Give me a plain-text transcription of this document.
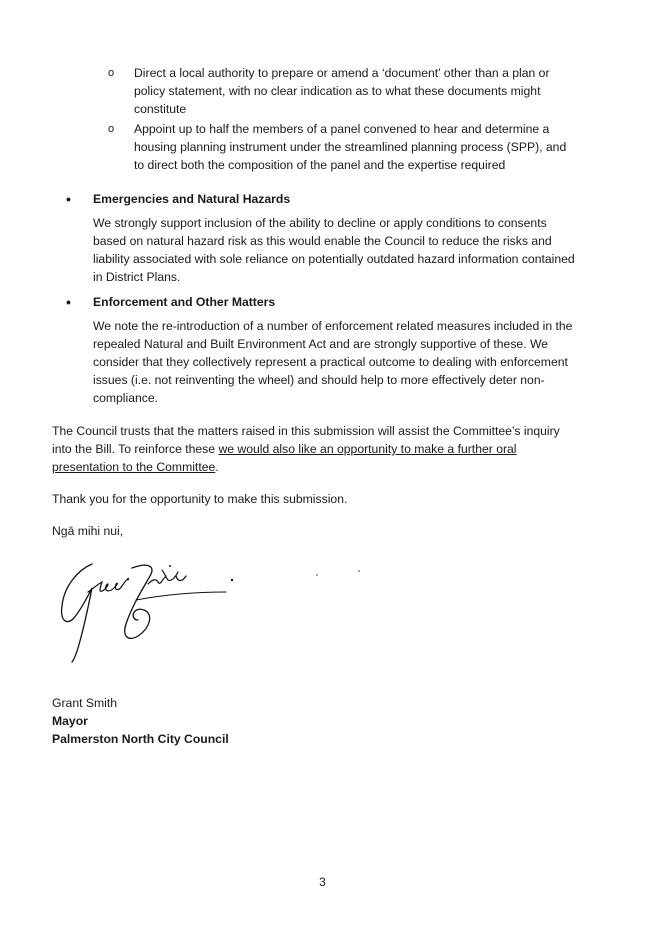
o Direct a local authority to prepare or amend a ‘document’ other than a plan or policy statement, with no clear indication as to what these documents might constitute
o Appoint up to half the members of a panel convened to hear and determine a housing planning instrument under the streamlined planning process (SPP), and to direct both the composition of the panel and the expertise required
• Emergencies and Natural Hazards

We strongly support inclusion of the ability to decline or apply conditions to consents based on natural hazard risk as this would enable the Council to reduce the risks and liability associated with sole reliance on potentially outdated hazard information contained in District Plans.

• Enforcement and Other Matters

We note the re-introduction of a number of enforcement related measures included in the repealed Natural and Built Environment Act and are strongly supportive of these. We consider that they collectively represent a practical outcome to dealing with enforcement issues (i.e. not reinventing the wheel) and should help to more effectively deter non-compliance.

The Council trusts that the matters raised in this submission will assist the Committee’s inquiry into the Bill. To reinforce these we would also like an opportunity to make a further oral presentation to the Committee.

Thank you for the opportunity to make this submission.

Ngā mihi nui,

Grant Smith
Mayor
Palmerston North City Council
3
